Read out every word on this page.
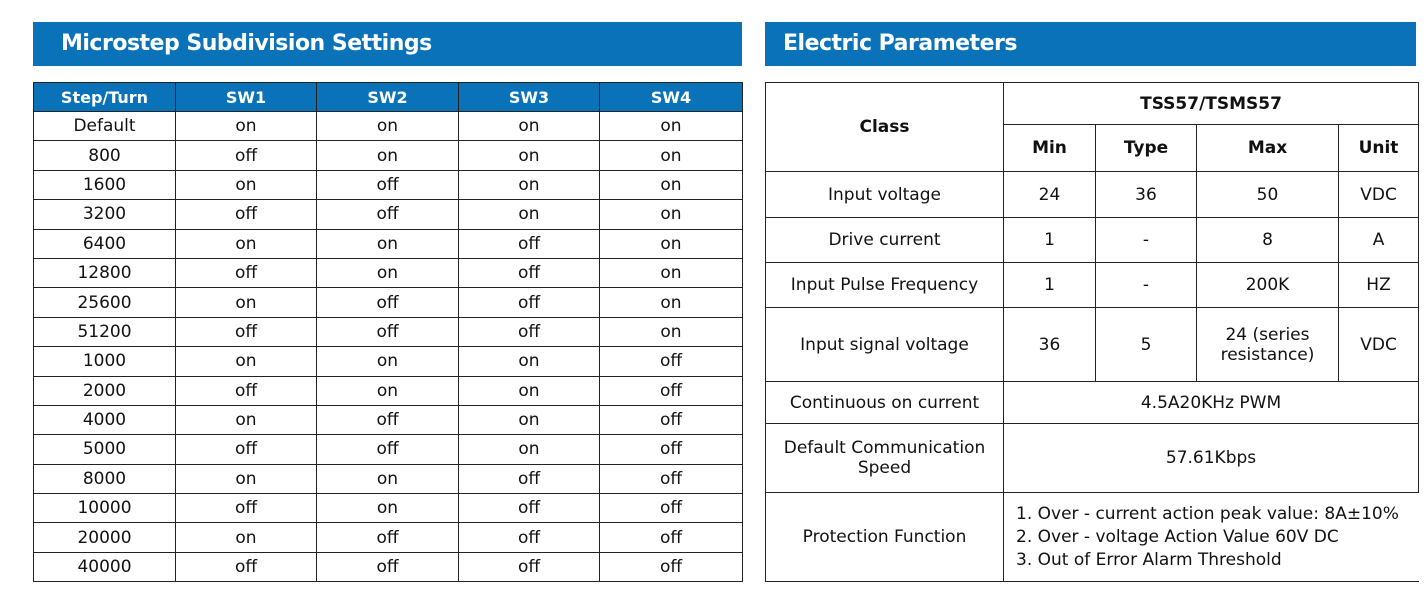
Microstep Subdivision Settings
Step/Turn	SW1	SW2	SW3	SW4
Default	on	on	on	on
800	off	on	on	on
1600	on	off	on	on
3200	off	off	on	on
6400	on	on	off	on
12800	off	on	off	on
25600	on	off	off	on
51200	off	off	off	on
1000	on	on	on	off
2000	off	on	on	off
4000	on	off	on	off
5000	off	off	on	off
8000	on	on	off	off
10000	off	on	off	off
20000	on	off	off	off
40000	off	off	off	off
Electric Parameters
Class	TSS57/TSMS57			
	Min	Type	Max	Unit
Input voltage	24	36	50	VDC
Drive current	1	-	8	A
Input Pulse Frequency	1	-	200K	HZ
Input signal voltage	36	5	24 (series resistance)	VDC
Continuous on current	4.5A20KHz PWM			
Default Communication Speed	57.61Kbps			
Protection Function	1. Over - current action peak value: 8A±10%
2. Over - voltage Action Value 60V DC
3. Out of Error Alarm Threshold			
